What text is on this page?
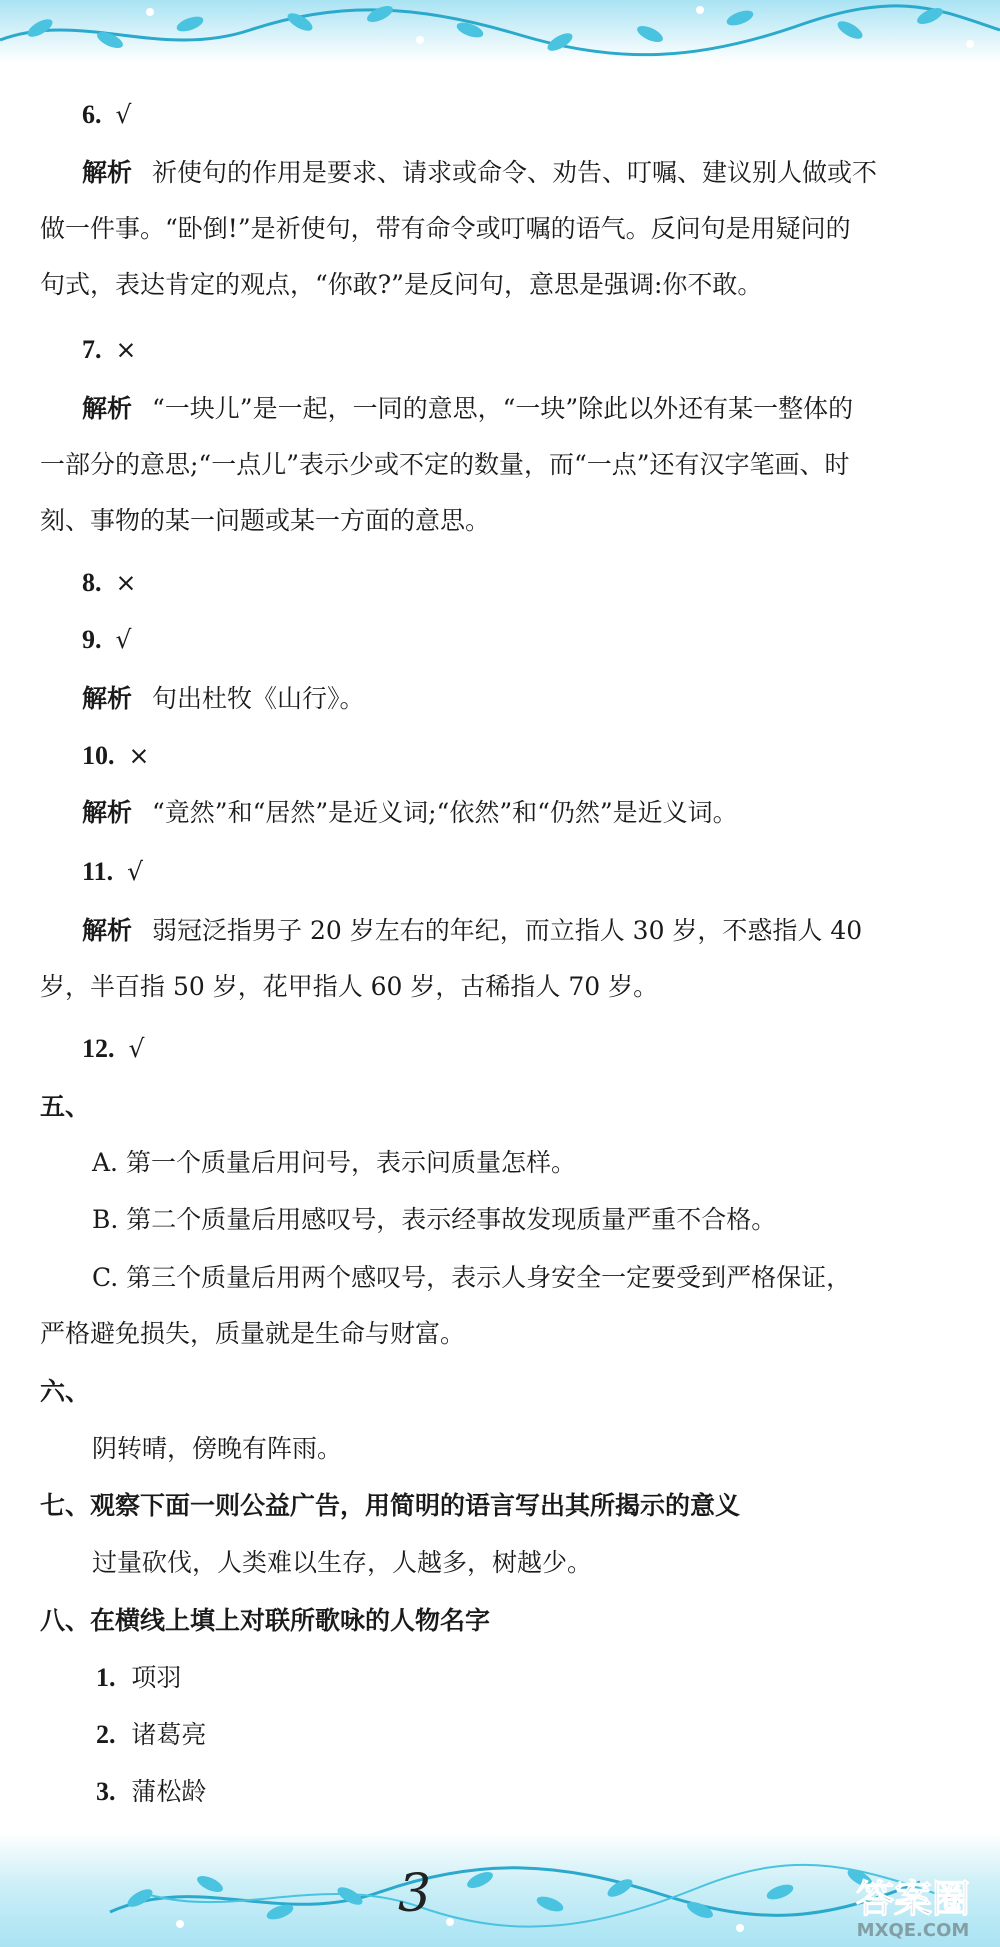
6. √

解析 祈使句的作用是要求、请求或命令、劝告、叮嘱、建议别人做或不

做一件事。“卧倒!”是祈使句，带有命令或叮嘱的语气。反问句是用疑问的

句式，表达肯定的观点，“你敢?”是反问句，意思是强调:你不敢。

7. ×

解析 “一块儿”是一起，一同的意思，“一块”除此以外还有某一整体的

一部分的意思;“一点儿”表示少或不定的数量，而“一点”还有汉字笔画、时

刻、事物的某一问题或某一方面的意思。

8. ×

9. √

解析 句出杜牧《山行》。

10. ×

解析 “竟然”和“居然”是近义词;“依然”和“仍然”是近义词。

11. √

解析 弱冠泛指男子 20 岁左右的年纪，而立指人 30 岁，不惑指人 40

岁，半百指 50 岁，花甲指人 60 岁，古稀指人 70 岁。

12. √

五、

A. 第一个质量后用问号，表示问质量怎样。

B. 第二个质量后用感叹号，表示经事故发现质量严重不合格。

C. 第三个质量后用两个感叹号，表示人身安全一定要受到严格保证，

严格避免损失，质量就是生命与财富。

六、

阴转晴，傍晚有阵雨。

七、观察下面一则公益广告，用简明的语言写出其所揭示的意义

过量砍伐，人类难以生存，人越多，树越少。

八、在横线上填上对联所歌咏的人物名字

1. 项羽

2. 诸葛亮

3. 蒲松龄

3	答案圈
MXQE.COM
